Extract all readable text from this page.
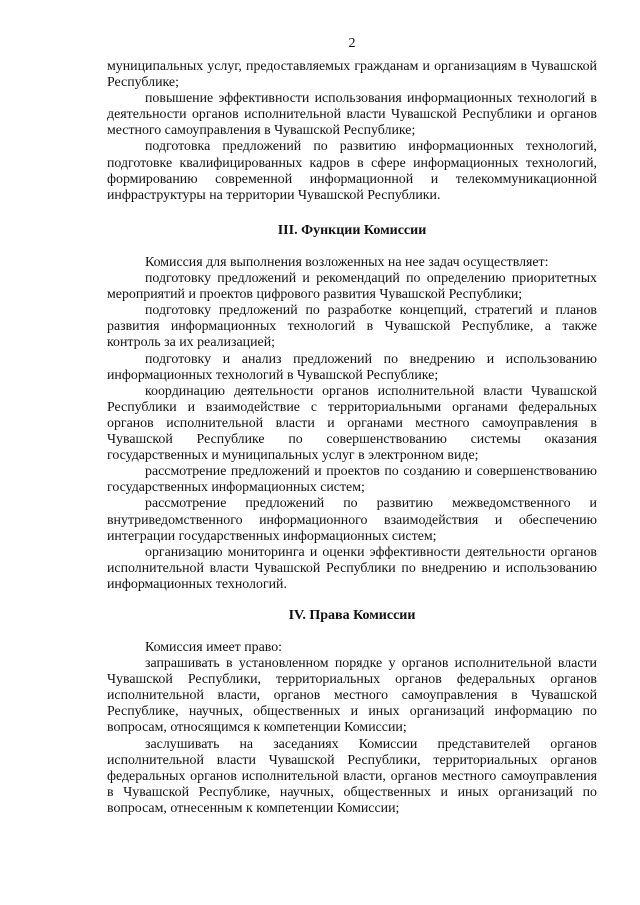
2

муниципальных услуг, предоставляемых гражданам и организациям в Чувашской Республике;

повышение эффективности использования информационных технологий в деятельности органов исполнительной власти Чувашской Республики и органов местного самоуправления в Чувашской Республике;

подготовка предложений по развитию информационных технологий, подготовке квалифицированных кадров в сфере информационных технологий, формированию современной информационной и телекоммуникационной инфраструктуры на территории Чувашской Республики.

III. Функции Комиссии

Комиссия для выполнения возложенных на нее задач осуществляет:

подготовку предложений и рекомендаций по определению приоритетных мероприятий и проектов цифрового развития Чувашской Республики;

подготовку предложений по разработке концепций, стратегий и планов развития информационных технологий в Чувашской Республике, а также контроль за их реализацией;

подготовку и анализ предложений по внедрению и использованию информационных технологий в Чувашской Республике;

координацию деятельности органов исполнительной власти Чувашской Республики и взаимодействие с территориальными органами федеральных органов исполнительной власти и органами местного самоуправления в Чувашской Республике по совершенствованию системы оказания государственных и муниципальных услуг в электронном виде;

рассмотрение предложений и проектов по созданию и совершенствованию государственных информационных систем;

рассмотрение предложений по развитию межведомственного и внутриведомственного информационного взаимодействия и обеспечению интеграции государственных информационных систем;

организацию мониторинга и оценки эффективности деятельности органов исполнительной власти Чувашской Республики по внедрению и использованию информационных технологий.

IV. Права Комиссии

Комиссия имеет право:

запрашивать в установленном порядке у органов исполнительной власти Чувашской Республики, территориальных органов федеральных органов исполнительной власти, органов местного самоуправления в Чувашской Республике, научных, общественных и иных организаций информацию по вопросам, относящимся к компетенции Комиссии;

заслушивать на заседаниях Комиссии представителей органов исполнительной власти Чувашской Республики, территориальных органов федеральных органов исполнительной власти, органов местного самоуправления в Чувашской Республике, научных, общественных и иных организаций по вопросам, отнесенным к компетенции Комиссии;
